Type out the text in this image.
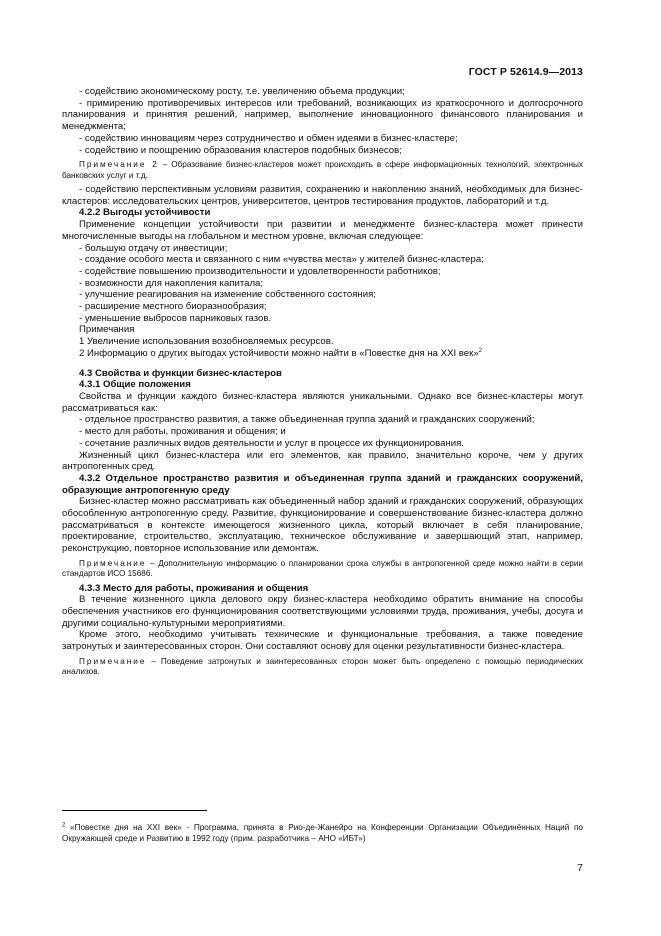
ГОСТ Р 52614.9—2013

- содействию экономическому росту, т.е. увеличению объема продукции;

- примирению противоречивых интересов или требований, возникающих из краткосрочного и долгосрочного планирования и принятия решений, например, выполнение инновационного финансового планирования и менеджмента;

- содействию инновациям через сотрудничество и обмен идеями в бизнес-кластере;

- содействию и поощрению образования кластеров подобных бизнесов;

Примечание 2 – Образование бизнес-кластеров может происходить в сфере информационных технологий, электронных банковских услуг и т.д.

- содействию перспективным условиям развития, сохранению и накоплению знаний, необходимых для бизнес-кластеров: исследовательских центров, университетов, центров тестирования продуктов, лабораторий и т.д.

4.2.2 Выгоды устойчивости

Применение концепции устойчивости при развитии и менеджменте бизнес-кластера может принести многочисленные выгоды на глобальном и местном уровне, включая следующее:

- большую отдачу от инвестиции;

- создание особого места и связанного с ним «чувства места» у жителей бизнес-кластера;

- содействие повышению производительности и удовлетворенности работников;

- возможности для накопления капитала;

- улучшение реагирования на изменение собственного состояния;

- расширение местного биоразнообразия;

- уменьшение выбросов парниковых газов.

Примечания

1 Увеличение использования возобновляемых ресурсов.

2 Информацию о других выгодах устойчивости можно найти в «Повестке дня на XXI век»$^2$

4.3 Свойства и функции бизнес-кластеров

4.3.1 Общие положения

Свойства и функции каждого бизнес-кластера являются уникальными. Однако все бизнес-кластеры могут рассматриваться как:

- отдельное пространство развития, а также объединенная группа зданий и гражданских сооружений;

- место для работы, проживания и общения; и

- сочетание различных видов деятельности и услуг в процессе их функционирования.

Жизненный цикл бизнес-кластера или его элементов, как правило, значительно короче, чем у других антропогенных сред.

4.3.2 Отдельное пространство развития и объединенная группа зданий и гражданских сооружений, образующие антропогенную среду

Бизнес-кластер можно рассматривать как объединенный набор зданий и гражданских сооружений, образующих обособленную антропогенную среду. Развитие, функционирование и совершенствование бизнес-кластера должно рассматриваться в контексте имеющегося жизненного цикла, который включает в себя планирование, проектирование, строительство, эксплуатацию, техническое обслуживание и завершающий этап, например, реконструкцию, повторное использование или демонтаж.

Примечание – Дополнительную информацию о планировании срока службы в антропогенной среде можно найти в серии стандартов ИСО 15686.

4.3.3 Место для работы, проживания и общения

В течение жизненного цикла делового окру бизнес-кластера необходимо обратить внимание на способы обеспечения участников его функционирования соответствующими условиями труда, проживания, учебы, досуга и другими социально-культурными мероприятиями.

Кроме этого, необходимо учитывать технические и функциональные требования, а также поведение затронутых и заинтересованных сторон. Они составляют основу для оценки результативности бизнес-кластера.

Примечание – Поведение затронутых и заинтересованных сторон может быть определено с помощью периодических анализов.

$^2$ «Повестке дня на XXI век» - Программа, принята в Рио-де-Жанейро на Конференции Организации Объединённых Наций по Окружающей среде и Развитию в 1992 году (прим. разработчика – АНО «ИБТ»)
7
